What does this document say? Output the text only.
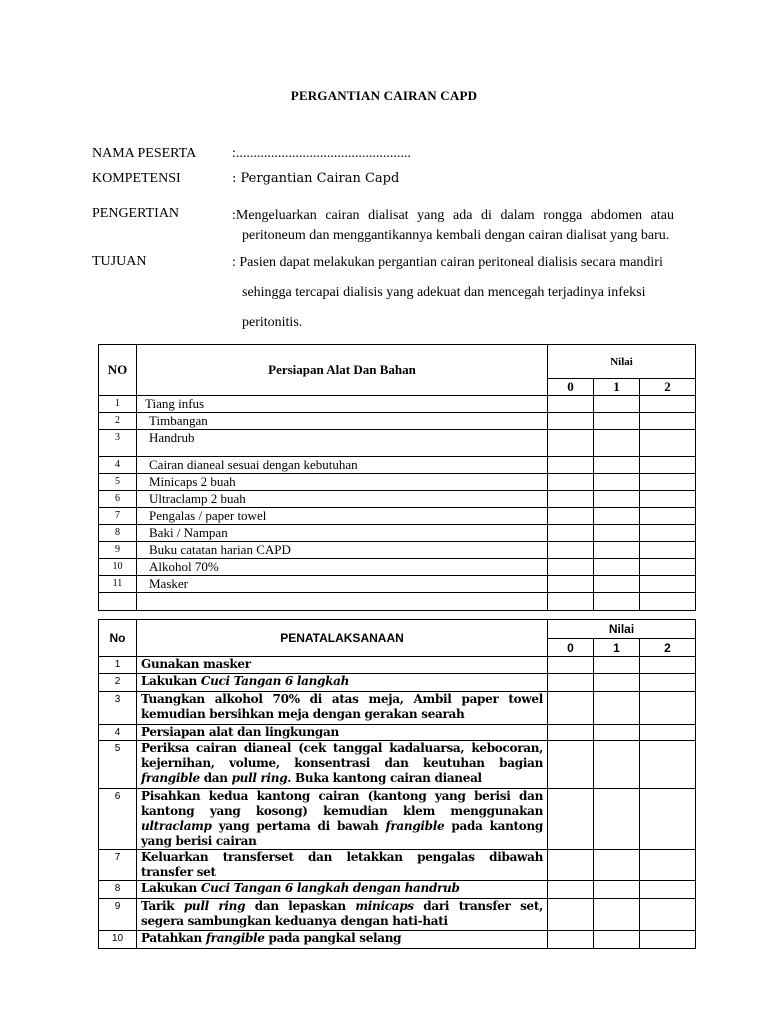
PERGANTIAN CAIRAN CAPD
NAMA PESERTA	:..................................................
KOMPETENSI	: Pergantian Cairan Capd
PENGERTIAN	:Mengeluarkan cairan dialisat yang ada di dalam rongga abdomen atau
peritoneum dan menggantikannya kembali dengan cairan dialisat yang baru.
TUJUAN	: Pasien dapat melakukan pergantian cairan peritoneal dialisis secara mandiri
sehingga tercapai dialisis yang adekuat dan mencegah terjadinya infeksi
peritonitis.
NO	Persiapan Alat Dan Bahan	Nilai		
		0	1	2
1	Tiang infus			
2	Timbangan			
3	Handrub			
4	Cairan dianeal sesuai dengan kebutuhan			
5	Minicaps 2 buah			
6	Ultraclamp 2 buah			
7	Pengalas / paper towel			
8	Baki / Nampan			
9	Buku catatan harian CAPD			
10	Alkohol 70%			
11	Masker			

No	PENATALAKSANAAN	Nilai		
		0	1	2
1	Gunakan masker			
2	Lakukan Cuci Tangan 6 langkah			
3	Tuangkan alkohol 70% di atas meja, Ambil paper towel kemudian bersihkan meja dengan gerakan searah			
4	Persiapan alat dan lingkungan			
5	Periksa cairan dianeal (cek tanggal kadaluarsa, kebocoran, kejernihan, volume, konsentrasi dan keutuhan bagian frangible dan pull ring. Buka kantong cairan dianeal			
6	Pisahkan kedua kantong cairan (kantong yang berisi dan kantong yang kosong) kemudian klem menggunakan ultraclamp yang pertama di bawah frangible pada kantong yang berisi cairan			
7	Keluarkan transferset dan letakkan pengalas dibawah transfer set			
8	Lakukan Cuci Tangan 6 langkah dengan handrub			
9	Tarik pull ring dan lepaskan minicaps dari transfer set, segera sambungkan keduanya dengan hati-hati			
10	Patahkan frangible pada pangkal selang			
